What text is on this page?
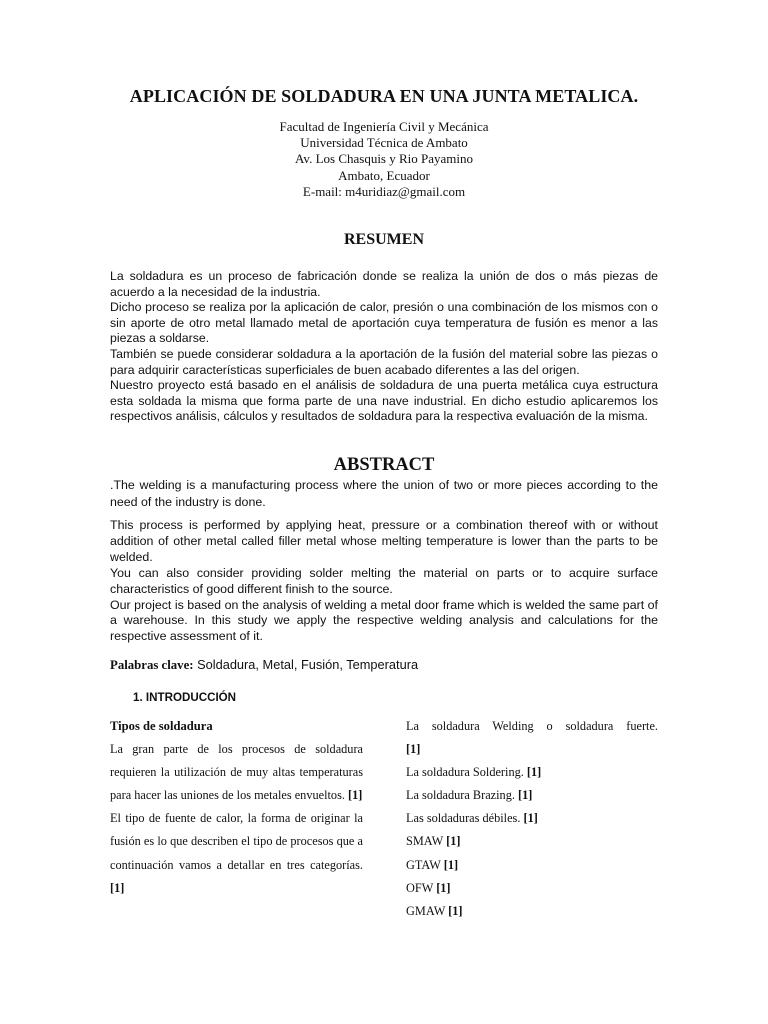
APLICACIÓN DE SOLDADURA EN UNA JUNTA METALICA.
Facultad de Ingeniería Civil y Mecánica
Universidad Técnica de Ambato
Av. Los Chasquis y Rio Payamino
Ambato, Ecuador
E-mail: m4uridiaz@gmail.com
RESUMEN

La soldadura es un proceso de fabricación donde se realiza la unión de dos o más piezas de acuerdo a la necesidad de la industria.

Dicho proceso se realiza por la aplicación de calor, presión o una combinación de los mismos con o sin aporte de otro metal llamado metal de aportación cuya temperatura de fusión es menor a las piezas a soldarse.

También se puede considerar soldadura a la aportación de la fusión del material sobre las piezas o para adquirir características superficiales de buen acabado diferentes a las del origen.

Nuestro proyecto está basado en el análisis de soldadura de una puerta metálica cuya estructura esta soldada la misma que forma parte de una nave industrial. En dicho estudio aplicaremos los respectivos análisis, cálculos y resultados de soldadura para la respectiva evaluación de la misma.

ABSTRACT

.The welding is a manufacturing process where the union of two or more pieces according to the need of the industry is done.

This process is performed by applying heat, pressure or a combination thereof with or without addition of other metal called filler metal whose melting temperature is lower than the parts to be welded.

You can also consider providing solder melting the material on parts or to acquire surface characteristics of good different finish to the source.

Our project is based on the analysis of welding a metal door frame which is welded the same part of a warehouse. In this study we apply the respective welding analysis and calculations for the respective assessment of it.

Palabras clave: Soldadura, Metal, Fusión, Temperatura
1. INTRODUCCIÓN

Tipos de soldadura

La gran parte de los procesos de soldadura requieren la utilización de muy altas temperaturas para hacer las uniones de los metales envueltos. [1]

El tipo de fuente de calor, la forma de originar la fusión es lo que describen el tipo de procesos que a continuación vamos a detallar en tres categorías. [1]

La soldadura Welding o soldadura fuerte.
[1]
La soldadura Soldering. [1]
La soldadura Brazing. [1]
Las soldaduras débiles. [1]
SMAW [1]
GTAW [1]
OFW [1]
GMAW [1]
